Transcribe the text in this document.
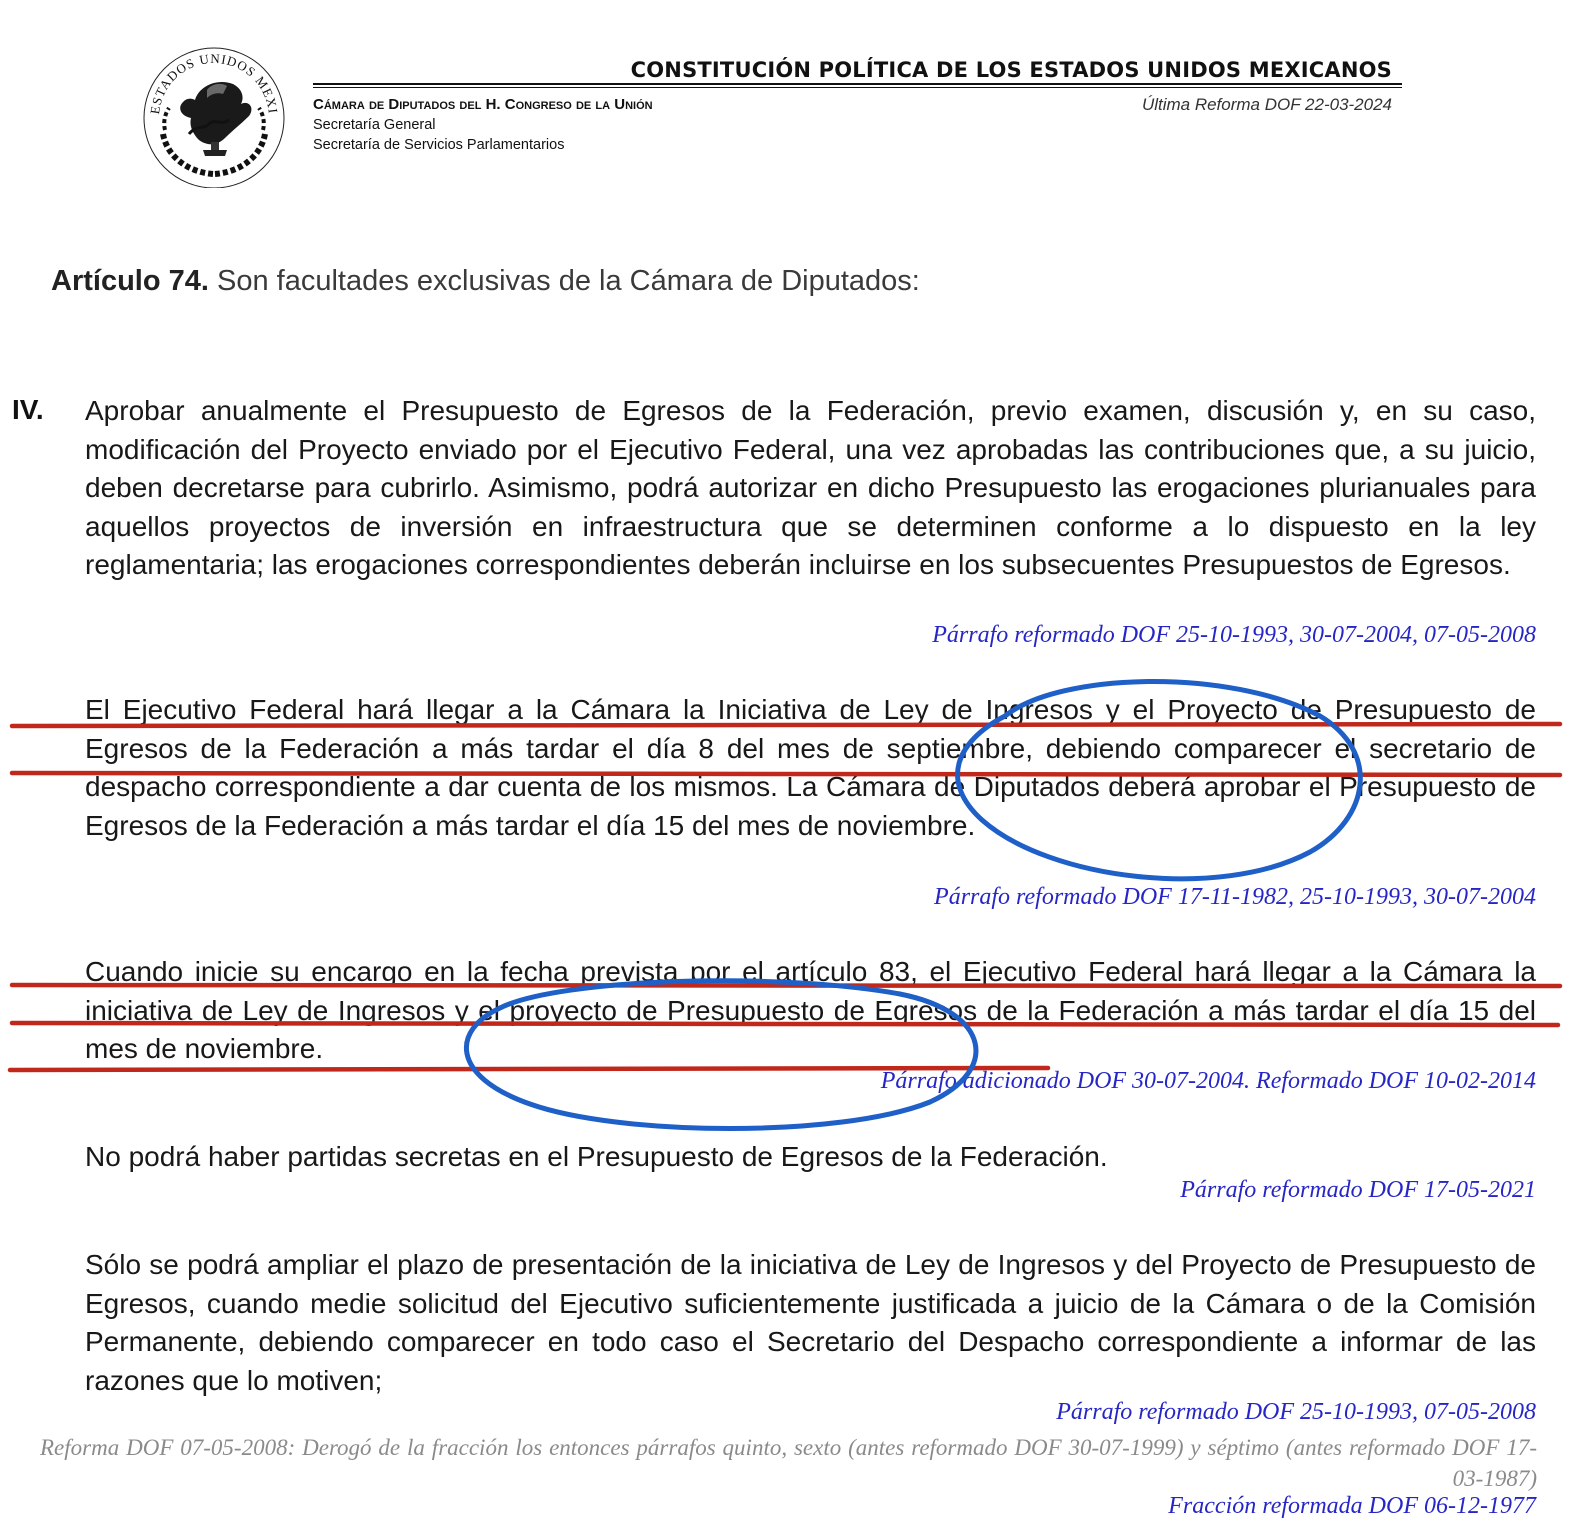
ESTADOS UNIDOS MEXI
CONSTITUCIÓN POLÍTICA DE LOS ESTADOS UNIDOS MEXICANOS
Cámara de Diputados del H. Congreso de la Unión
Secretaría General
Secretaría de Servicios Parlamentarios
Última Reforma DOF 22-03-2024
Artículo 74. Son facultades exclusivas de la Cámara de Diputados:
IV. Aprobar anualmente el Presupuesto de Egresos de la Federación, previo examen, discusión y, en su caso, modificación del Proyecto enviado por el Ejecutivo Federal, una vez aprobadas las contribuciones que, a su juicio, deben decretarse para cubrirlo. Asimismo, podrá autorizar en dicho Presupuesto las erogaciones plurianuales para aquellos proyectos de inversión en infraestructura que se determinen conforme a lo dispuesto en la ley reglamentaria; las erogaciones correspondientes deberán incluirse en los subsecuentes Presupuestos de Egresos.
Párrafo reformado DOF 25-10-1993, 30-07-2004, 07-05-2008
El Ejecutivo Federal hará llegar a la Cámara la Iniciativa de Ley de Ingresos y el Proyecto de Presupuesto de Egresos de la Federación a más tardar el día 8 del mes de septiembre, debiendo comparecer el secretario de despacho correspondiente a dar cuenta de los mismos. La Cámara de Diputados deberá aprobar el Presupuesto de Egresos de la Federación a más tardar el día 15 del mes de noviembre.
Párrafo reformado DOF 17-11-1982, 25-10-1993, 30-07-2004
Cuando inicie su encargo en la fecha prevista por el artículo 83, el Ejecutivo Federal hará llegar a la Cámara la iniciativa de Ley de Ingresos y el proyecto de Presupuesto de Egresos de la Federación a más tardar el día 15 del mes de noviembre.
Párrafo adicionado DOF 30-07-2004. Reformado DOF 10-02-2014
No podrá haber partidas secretas en el Presupuesto de Egresos de la Federación.
Párrafo reformado DOF 17-05-2021
Sólo se podrá ampliar el plazo de presentación de la iniciativa de Ley de Ingresos y del Proyecto de Presupuesto de Egresos, cuando medie solicitud del Ejecutivo suficientemente justificada a juicio de la Cámara o de la Comisión Permanente, debiendo comparecer en todo caso el Secretario del Despacho correspondiente a informar de las razones que lo motiven;
Párrafo reformado DOF 25-10-1993, 07-05-2008
Reforma DOF 07-05-2008: Derogó de la fracción los entonces párrafos quinto, sexto (antes reformado DOF 30-07-1999) y séptimo (antes reformado DOF 17-03-1987)
Fracción reformada DOF 06-12-1977
